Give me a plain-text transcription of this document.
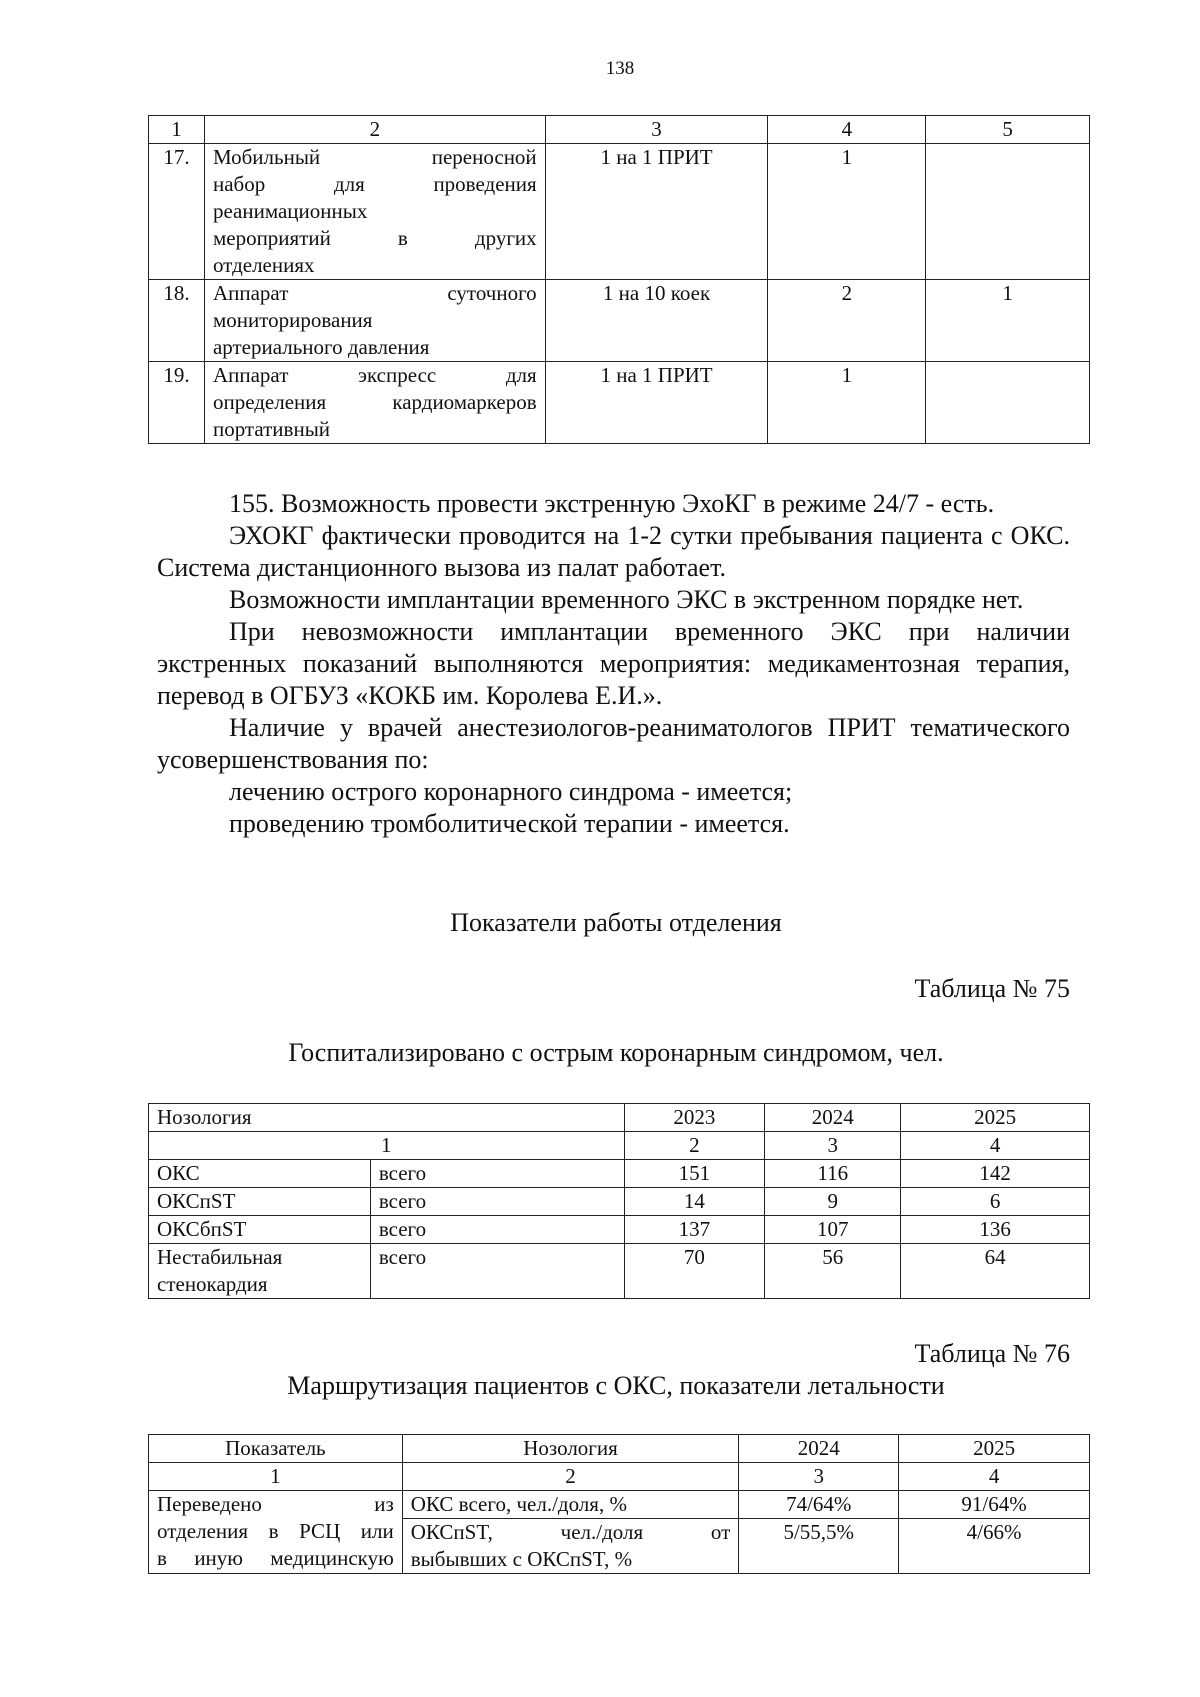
138
1	2	3	4	5
17.	Мобильный переносной
набор для проведения
реанимационных
мероприятий в других
отделениях	1 на 1 ПРИТ	1	
18.	Аппарат суточного
мониторирования
артериального давления	1 на 10 коек	2	1
19.	Аппарат экспресс для
определения кардиомаркеров
портативный	1 на 1 ПРИТ	1	

155. Возможность провести экстренную ЭхоКГ в режиме 24/7 - есть.

ЭХОКГ фактически проводится на 1-2 сутки пребывания пациента с ОКС. Система дистанционного вызова из палат работает.

Возможности имплантации временного ЭКС в экстренном порядке нет.

При невозможности имплантации временного ЭКС при наличии экстренных показаний выполняются мероприятия: медикаментозная терапия, перевод в ОГБУЗ «КОКБ им. Королева Е.И.».

Наличие у врачей анестезиологов-реаниматологов ПРИТ тематического усовершенствования по:

лечению острого коронарного синдрома - имеется;

проведению тромболитической терапии - имеется.

Показатели работы отделения
Таблица № 75
Госпитализировано с острым коронарным синдромом, чел.
Нозология		2023	2024	2025
1		2	3	4
ОКС	всего	151	116	142
ОКСпST	всего	14	9	6
ОКСбпST	всего	137	107	136

Нестабильная
стенокардия	всего	70	56	64
Таблица № 76
Маршрутизация пациентов с ОКС, показатели летальности
Показатель	Нозология	2024	2025
1	2	3	4

Переведено из
отделения в РСЦ или
в иную медицинскую	ОКС всего, чел./доля, %	74/64%	91/64%

	ОКСпST, чел./доля от
выбывших с ОКСпST, %	5/55,5%	4/66%
